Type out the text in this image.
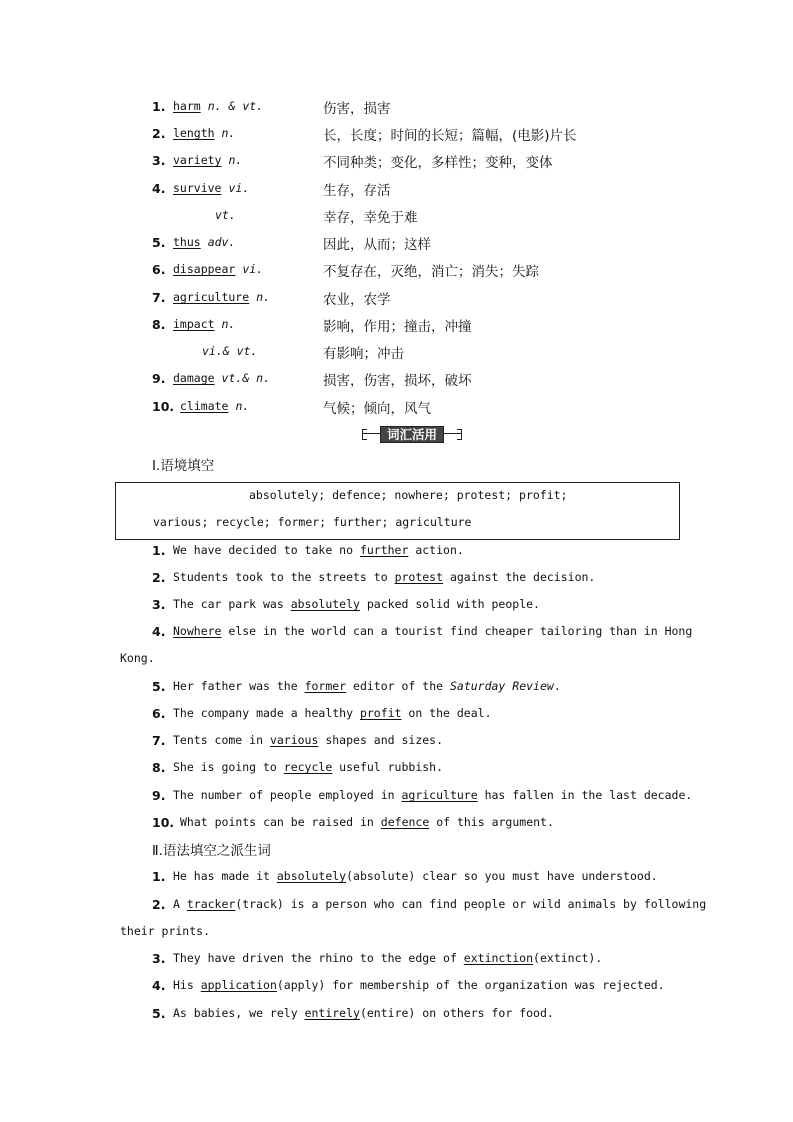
1. harm n. & vt.	伤害，损害
2. length n.	长，长度；时间的长短；篇幅，(电影)片长
3. variety n.	不同种类；变化，多样性；变种，变体
4. survive vi.	生存，存活
vt.	幸存，幸免于难
5. thus adv.	因此，从而；这样
6. disappear vi.	不复存在，灭绝，消亡；消失；失踪
7. agriculture n.	农业，农学
8. impact n.	影响，作用；撞击，冲撞
vi.& vt.	有影响；冲击
9. damage vt.& n.	损害，伤害，损坏，破坏
10. climate n.	气候；倾向，风气
词汇活用
Ⅰ.语境填空
absolutely; defence; nowhere; protest; profit;
various; recycle; former; further; agriculture
1. We have decided to take no further action.
2. Students took to the streets to protest against the decision.
3. The car park was absolutely packed solid with people.
4. Nowhere else in the world can a tourist find cheaper tailoring than in Hong
Kong.
5. Her father was the former editor of the Saturday Review.
6. The company made a healthy profit on the deal.
7. Tents come in various shapes and sizes.
8. She is going to recycle useful rubbish.
9. The number of people employed in agriculture has fallen in the last decade.
10. What points can be raised in defence of this argument.
Ⅱ.语法填空之派生词
1. He has made it absolutely(absolute) clear so you must have understood.
2. A tracker(track) is a person who can find people or wild animals by following
their prints.
3. They have driven the rhino to the edge of extinction(extinct).
4. His application(apply) for membership of the organization was rejected.
5. As babies, we rely entirely(entire) on others for food.
